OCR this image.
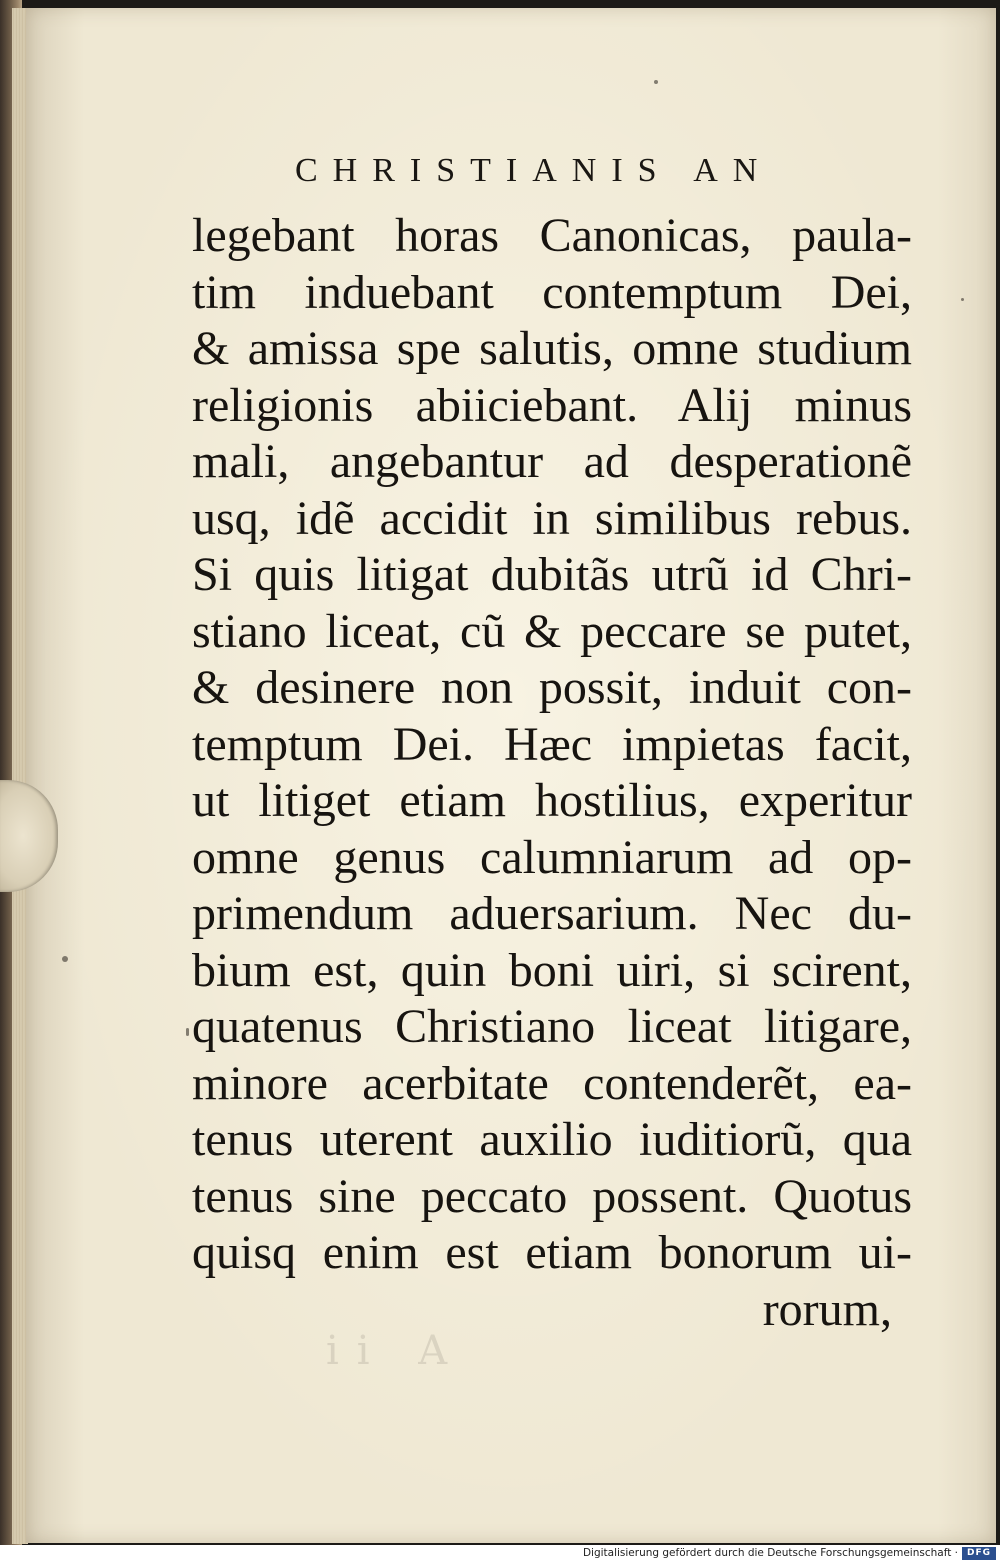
ii A
CHRISTIANIS AN
legebant horas Canonicas, paula-
tim induebant contemptum Dei,
& amissa spe salutis, omne studium
religionis abiiciebant. Alij minus
mali, angebantur ad desperationẽ
usq, idẽ accidit in similibus rebus.
Si quis litigat dubitãs utrũ id Chri-
stiano liceat, cũ & peccare se putet,
& desinere non possit, induit con-
temptum Dei. Hæc impietas facit,
ut litiget etiam hostilius, experitur
omne genus calumniarum ad op-
primendum aduersarium. Nec du-
bium est, quin boni uiri, si scirent,
quatenus Christiano liceat litigare,
minore acerbitate contenderẽt, ea-
tenus uterent auxilio iuditiorũ, qua
tenus sine peccato possent. Quotus
quisq enim est etiam bonorum ui-
rorum,
Digitalisierung gefördert durch die Deutsche Forschungsgemeinschaft · DFG
